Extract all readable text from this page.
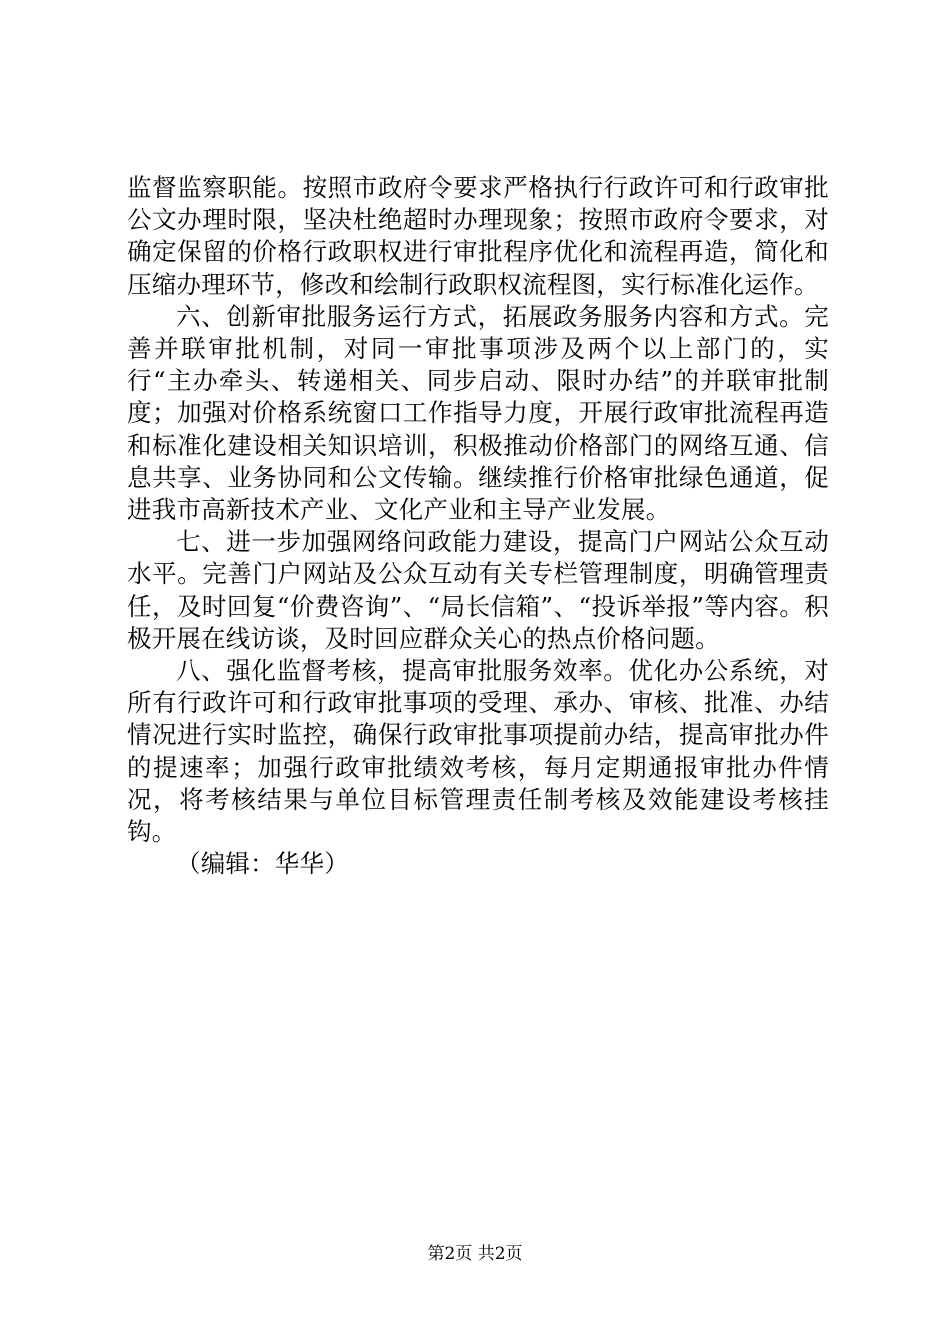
监督监察职能。按照市政府令要求严格执行行政许可和行政审批公文办理时限，坚决杜绝超时办理现象；按照市政府令要求，对确定保留的价格行政职权进行审批程序优化和流程再造，简化和压缩办理环节，修改和绘制行政职权流程图，实行标准化运作。

六、创新审批服务运行方式，拓展政务服务内容和方式。完善并联审批机制，对同一审批事项涉及两个以上部门的，实行“主办牵头、转递相关、同步启动、限时办结”的并联审批制度；加强对价格系统窗口工作指导力度，开展行政审批流程再造和标准化建设相关知识培训，积极推动价格部门的网络互通、信息共享、业务协同和公文传输。继续推行价格审批绿色通道，促进我市高新技术产业、文化产业和主导产业发展。

七、进一步加强网络问政能力建设，提高门户网站公众互动水平。完善门户网站及公众互动有关专栏管理制度，明确管理责任，及时回复“价费咨询”、“局长信箱”、“投诉举报”等内容。积极开展在线访谈，及时回应群众关心的热点价格问题。

八、强化监督考核，提高审批服务效率。优化办公系统，对所有行政许可和行政审批事项的受理、承办、审核、批准、办结情况进行实时监控，确保行政审批事项提前办结，提高审批办件的提速率；加强行政审批绩效考核，每月定期通报审批办件情况，将考核结果与单位目标管理责任制考核及效能建设考核挂钩。

（编辑：华华）

第2页 共2页
